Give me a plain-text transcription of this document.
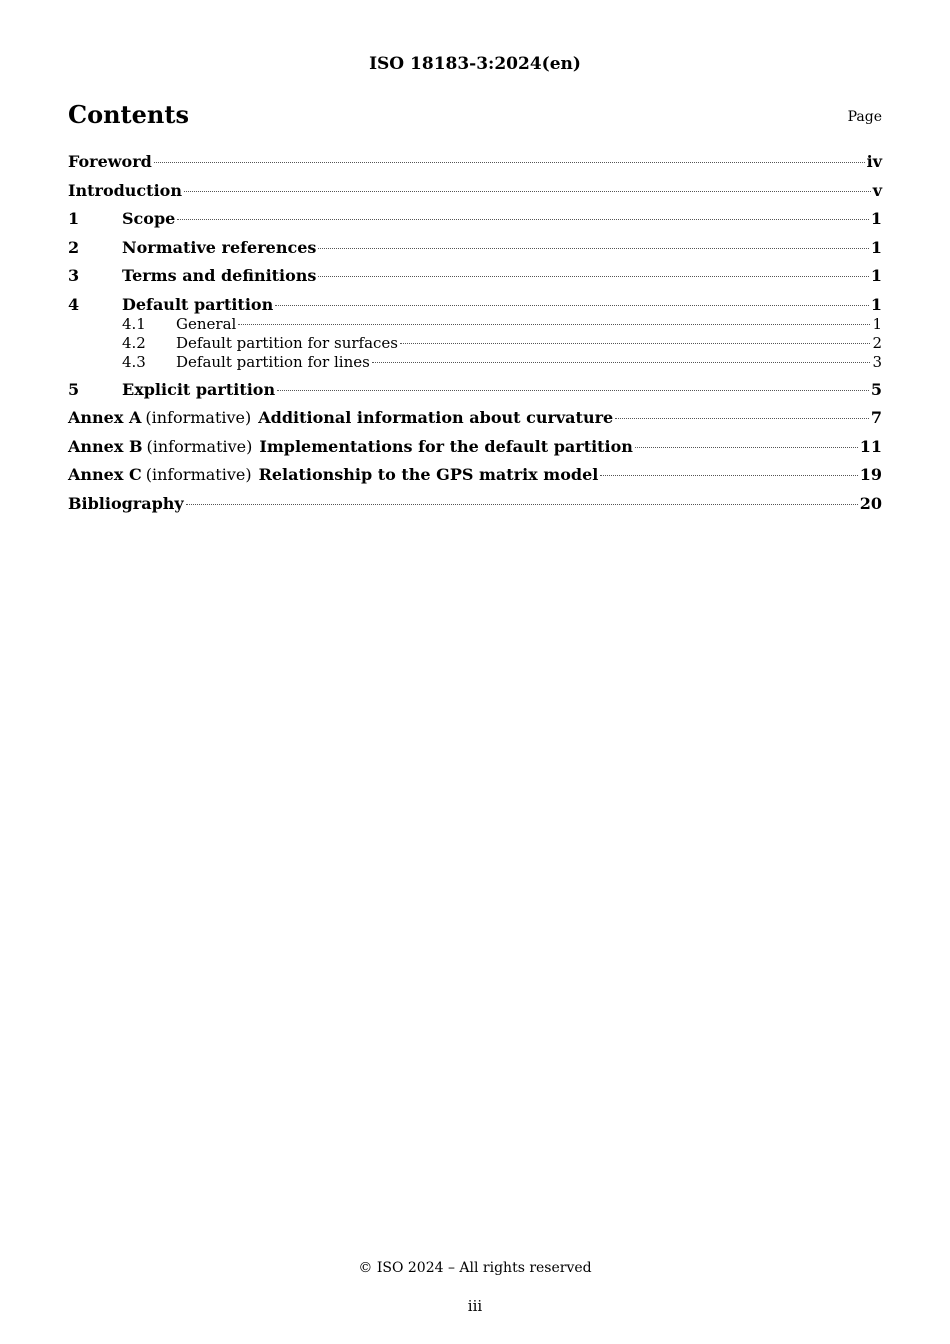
ISO 18183-3:2024(en)
Contents	Page
Foreword	iv
Introduction	v
1	Scope	1
2	Normative references	1
3	Terms and definitions	1
4	Default partition	1
4.1	General	1
4.2	Default partition for surfaces	2
4.3	Default partition for lines	3
5	Explicit partition	5
Annex A (informative) Additional information about curvature	7
Annex B (informative) Implementations for the default partition	11
Annex C (informative) Relationship to the GPS matrix model	19
Bibliography	20
© ISO 2024 – All rights reserved
iii
